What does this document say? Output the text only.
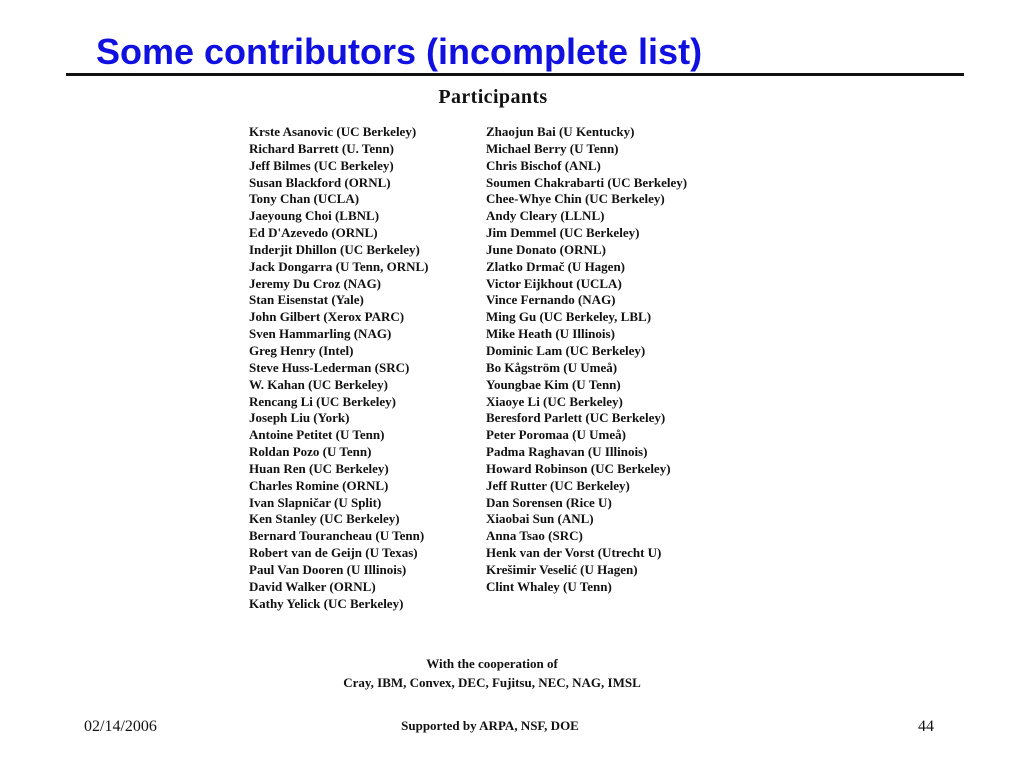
Some contributors (incomplete list)
Participants
Krste Asanovic (UC Berkeley)
Richard Barrett (U. Tenn)
Jeff Bilmes (UC Berkeley)
Susan Blackford (ORNL)
Tony Chan (UCLA)
Jaeyoung Choi (LBNL)
Ed D'Azevedo (ORNL)
Inderjit Dhillon (UC Berkeley)
Jack Dongarra (U Tenn, ORNL)
Jeremy Du Croz (NAG)
Stan Eisenstat (Yale)
John Gilbert (Xerox PARC)
Sven Hammarling (NAG)
Greg Henry (Intel)
Steve Huss-Lederman (SRC)
W. Kahan (UC Berkeley)
Rencang Li (UC Berkeley)
Joseph Liu (York)
Antoine Petitet (U Tenn)
Roldan Pozo (U Tenn)
Huan Ren (UC Berkeley)
Charles Romine (ORNL)
Ivan Slapničar (U Split)
Ken Stanley (UC Berkeley)
Bernard Tourancheau (U Tenn)
Robert van de Geijn (U Texas)
Paul Van Dooren (U Illinois)
David Walker (ORNL)
Kathy Yelick (UC Berkeley)
Zhaojun Bai (U Kentucky)
Michael Berry (U Tenn)
Chris Bischof (ANL)
Soumen Chakrabarti (UC Berkeley)
Chee-Whye Chin (UC Berkeley)
Andy Cleary (LLNL)
Jim Demmel (UC Berkeley)
June Donato (ORNL)
Zlatko Drmač (U Hagen)
Victor Eijkhout (UCLA)
Vince Fernando (NAG)
Ming Gu (UC Berkeley, LBL)
Mike Heath (U Illinois)
Dominic Lam (UC Berkeley)
Bo Kågström (U Umeå)
Youngbae Kim (U Tenn)
Xiaoye Li (UC Berkeley)
Beresford Parlett (UC Berkeley)
Peter Poromaa (U Umeå)
Padma Raghavan (U Illinois)
Howard Robinson (UC Berkeley)
Jeff Rutter (UC Berkeley)
Dan Sorensen (Rice U)
Xiaobai Sun (ANL)
Anna Tsao (SRC)
Henk van der Vorst (Utrecht U)
Krešimir Veselić (U Hagen)
Clint Whaley (U Tenn)
With the cooperation of
Cray, IBM, Convex, DEC, Fujitsu, NEC, NAG, IMSL
02/14/2006	Supported by ARPA, NSF, DOE	44
